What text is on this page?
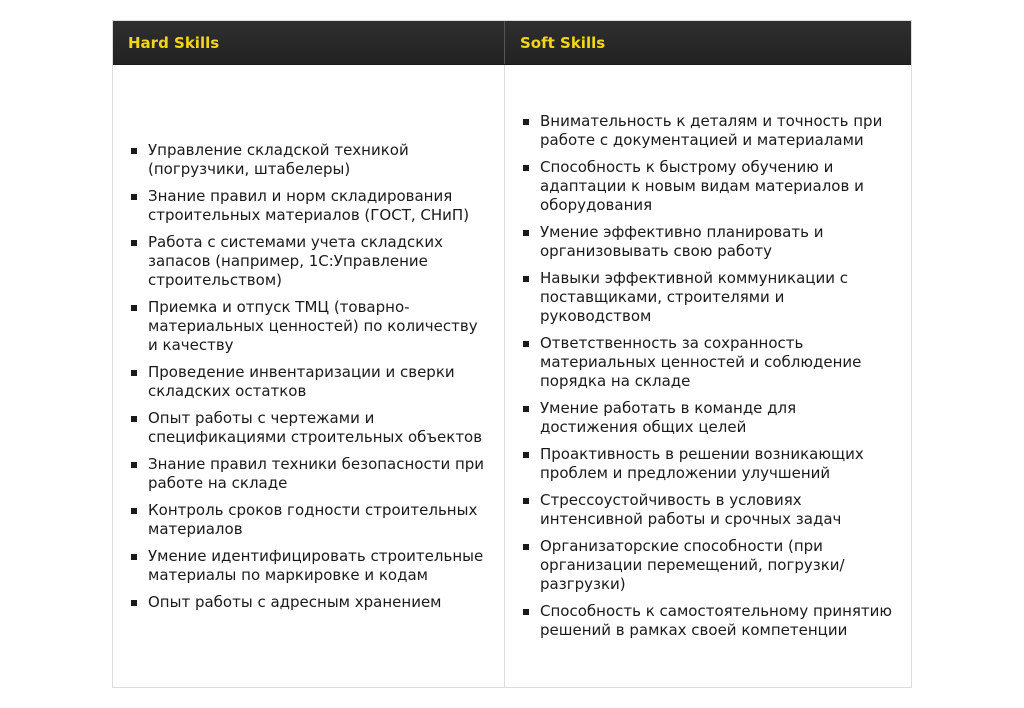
Hard Skills	Soft Skills
Управление складской техникой (погрузчики, штабелеры)
Знание правил и норм складирования строительных материалов (ГОСТ, СНиП)
Работа с системами учета складских запасов (например, 1С:Управление строительством)
Приемка и отпуск ТМЦ (товарно-материальных ценностей) по количеству и качеству
Проведение инвентаризации и сверки складских остатков
Опыт работы с чертежами и спецификациями строительных объектов
Знание правил техники безопасности при работе на складе
Контроль сроков годности строительных материалов
Умение идентифицировать строительные материалы по маркировке и кодам
Опыт работы с адресным хранением
Внимательность к деталям и точность при работе с документацией и материалами
Способность к быстрому обучению и адаптации к новым видам материалов и оборудования
Умение эффективно планировать и организовывать свою работу
Навыки эффективной коммуникации с поставщиками, строителями и руководством
Ответственность за сохранность материальных ценностей и соблюдение порядка на складе
Умение работать в команде для достижения общих целей
Проактивность в решении возникающих проблем и предложении улучшений
Стрессоустойчивость в условиях интенсивной работы и срочных задач
Организаторские способности (при организации перемещений, погрузки/разгрузки)
Способность к самостоятельному принятию решений в рамках своей компетенции
